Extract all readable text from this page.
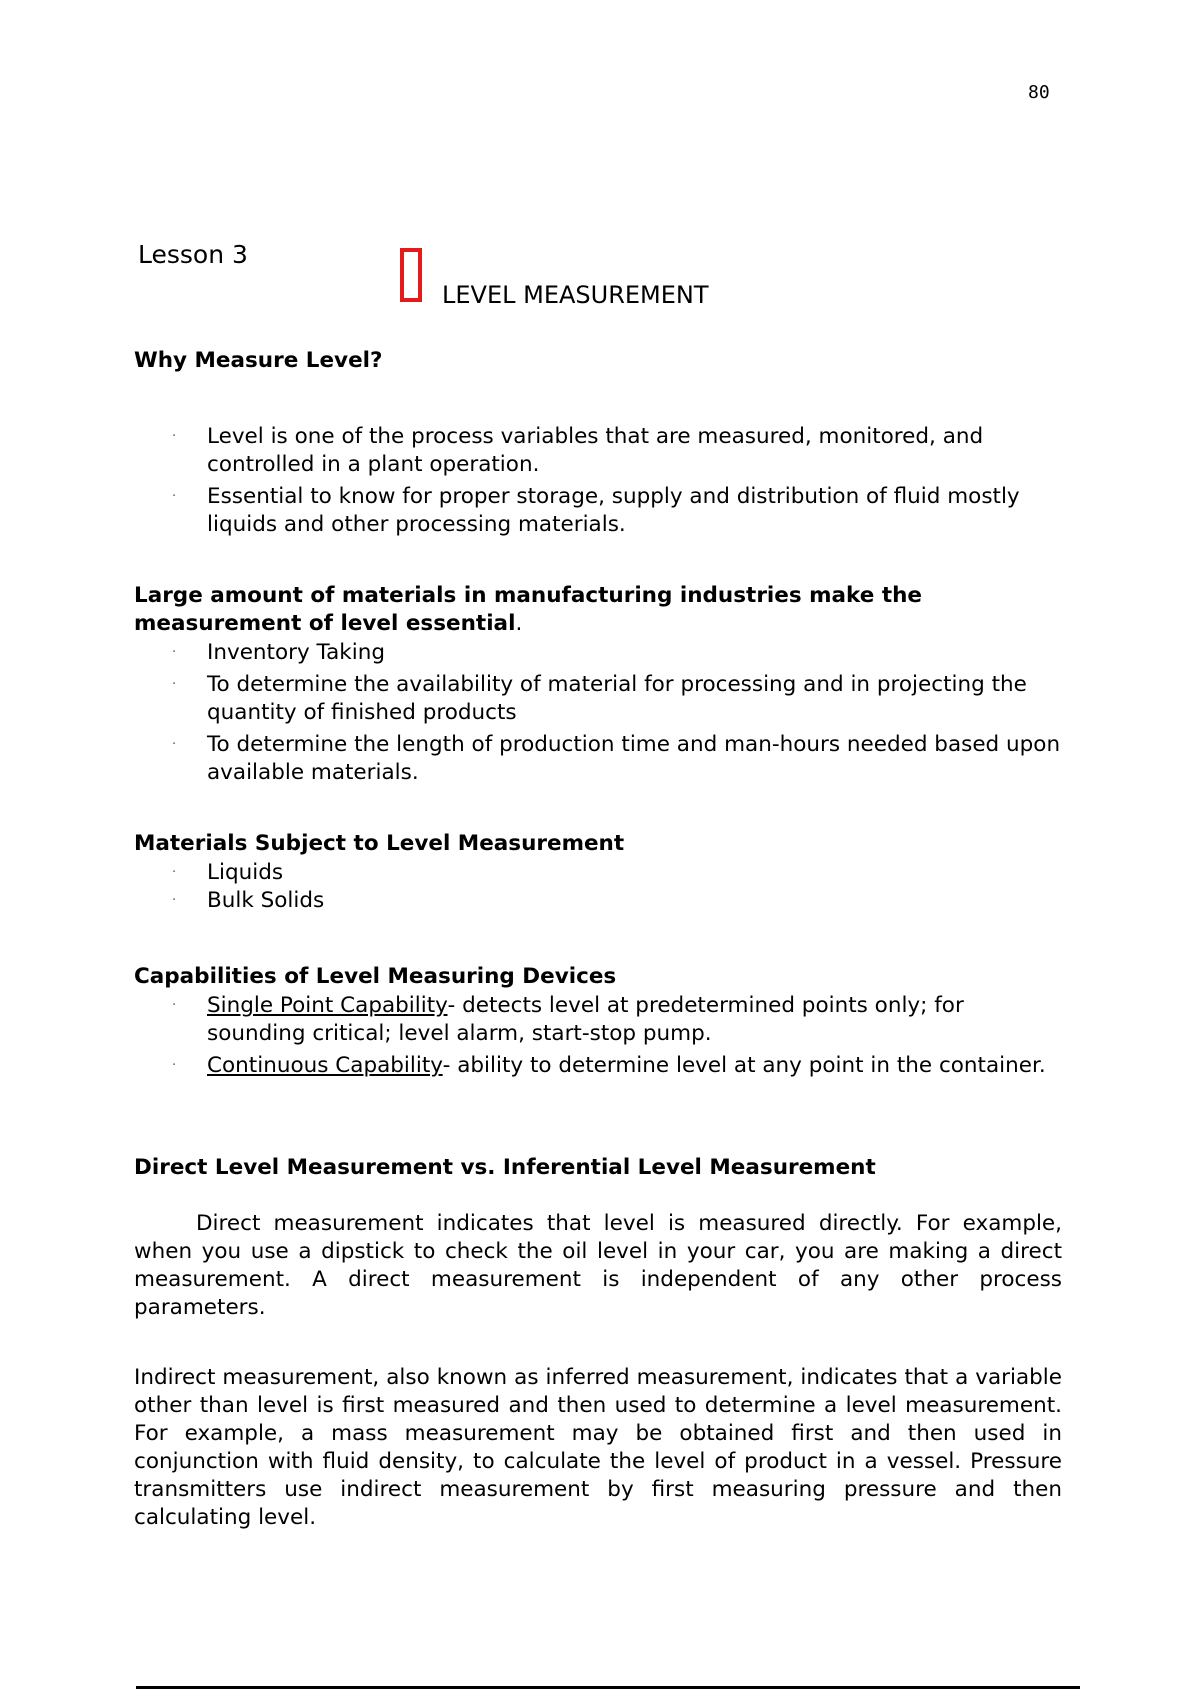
80
Lesson 3
LEVEL MEASUREMENT
Why Measure Level?
· Level is one of the process variables that are measured, monitored, and controlled in a plant operation.
· Essential to know for proper storage, supply and distribution of fluid mostly liquids and other processing materials.
Large amount of materials in manufacturing industries make the measurement of level essential.
· Inventory Taking
· To determine the availability of material for processing and in projecting the quantity of finished products
· To determine the length of production time and man-hours needed based upon available materials.
Materials Subject to Level Measurement
· Liquids
· Bulk Solids
Capabilities of Level Measuring Devices
· Single Point Capability- detects level at predetermined points only; for sounding critical; level alarm, start-stop pump.
· Continuous Capability- ability to determine level at any point in the container.
Direct Level Measurement vs. Inferential Level Measurement

Direct measurement indicates that level is measured directly. For example, when you use a dipstick to check the oil level in your car, you are making a direct measurement. A direct measurement is independent of any other process parameters.

Indirect measurement, also known as inferred measurement, indicates that a variable other than level is first measured and then used to determine a level measurement. For example, a mass measurement may be obtained first and then used in conjunction with fluid density, to calculate the level of product in a vessel. Pressure transmitters use indirect measurement by first measuring pressure and then calculating level.
